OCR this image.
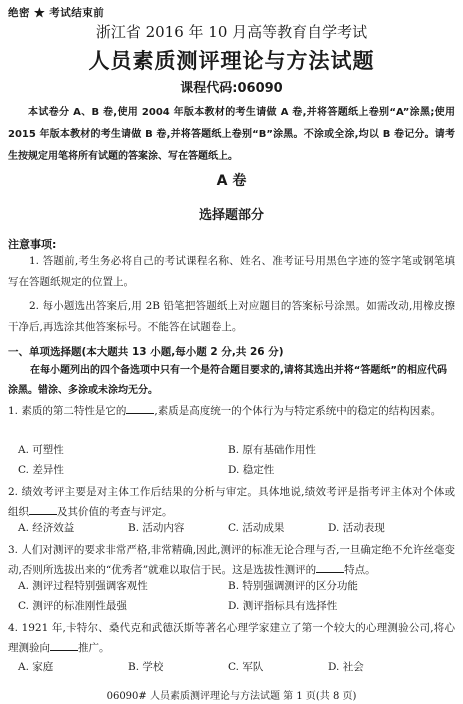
绝密 ★ 考试结束前
浙江省 2016 年 10 月高等教育自学考试
人员素质测评理论与方法试题
课程代码:06090
本试卷分 A、B 卷,使用 2004 年版本教材的考生请做 A 卷,并将答题纸上卷别“A”涂黑;使用 2015 年版本教材的考生请做 B 卷,并将答题纸上卷别“B”涂黑。不涂或全涂,均以 B 卷记分。请考生按规定用笔将所有试题的答案涂、写在答题纸上。
A 卷
选择题部分
注意事项:
1. 答题前,考生务必将自己的考试课程名称、姓名、准考证号用黑色字迹的签字笔或钢笔填写在答题纸规定的位置上。
2. 每小题选出答案后,用 2B 铅笔把答题纸上对应题目的答案标号涂黑。如需改动,用橡皮擦干净后,再选涂其他答案标号。不能答在试题卷上。
一、单项选择题(本大题共 13 小题,每小题 2 分,共 26 分)
在每小题列出的四个备选项中只有一个是符合题目要求的,请将其选出并将“答题纸”的相应代码涂黑。错涂、多涂或未涂均无分。
1. 素质的第二特性是它的	,素质是高度统一的个体行为与特定系统中的稳定的结构因素。
A. 可塑性	B. 原有基础作用性
C. 差异性	D. 稳定性
2. 绩效考评主要是对主体工作后结果的分析与审定。具体地说,绩效考评是指考评主体对个体或组织	及其价值的考查与评定。
A. 经济效益	B. 活动内容	C. 活动成果	D. 活动表现
3. 人们对测评的要求非常严格,非常精确,因此,测评的标准无论合理与否,一旦确定绝不允许丝毫变动,否则所选拔出来的“优秀者”就难以取信于民。这是选拔性测评的	特点。
A. 测评过程特别强调客观性	B. 特别强调测评的区分功能
C. 测评的标准刚性最强	D. 测评指标具有选择性
4. 1921 年,卡特尔、桑代克和武德沃斯等著名心理学家建立了第一个较大的心理测验公司,将心理测验向	推广。
A. 家庭	B. 学校	C. 军队	D. 社会
06090# 人员素质测评理论与方法试题 第 1 页(共 8 页)
